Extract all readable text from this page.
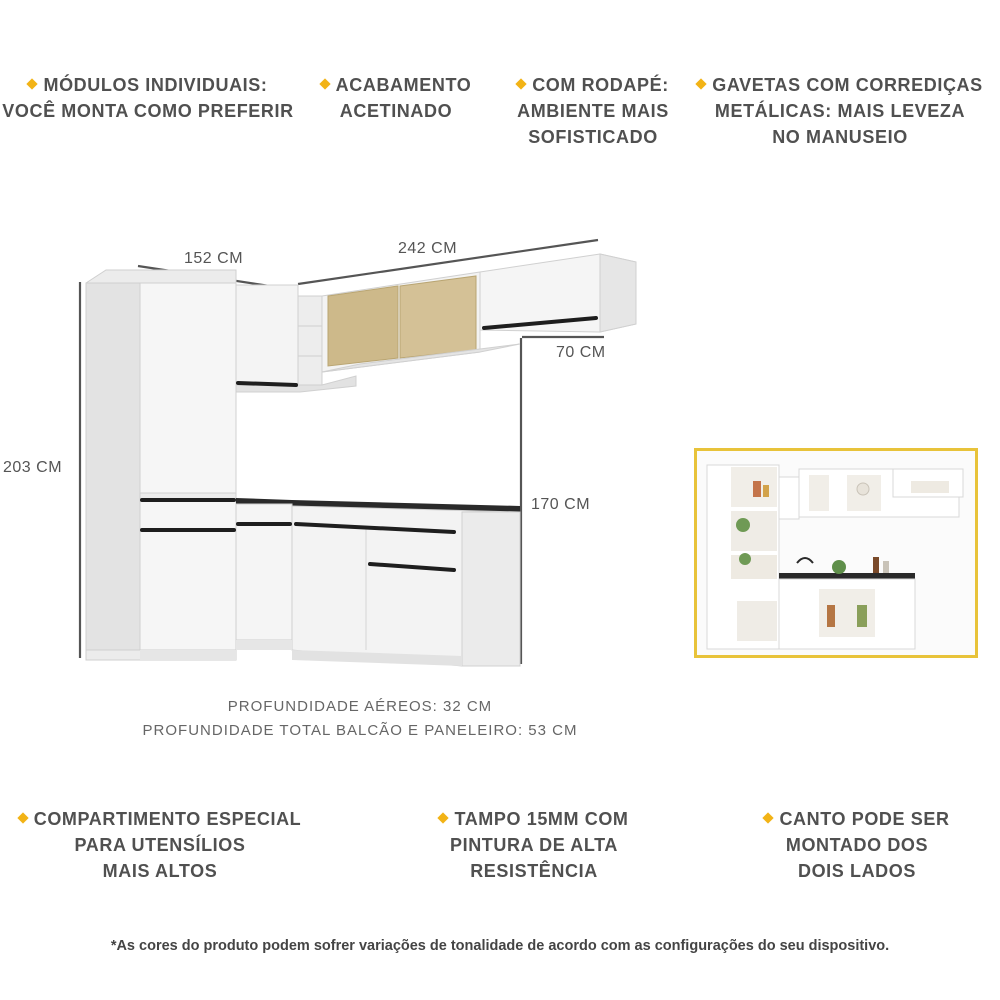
MÓDULOS INDIVIDUAIS:
VOCÊ MONTA COMO PREFERIR
ACABAMENTO
ACETINADO
COM RODAPÉ:
AMBIENTE MAIS
SOFISTICADO
GAVETAS COM CORREDIÇAS
METÁLICAS: MAIS LEVEZA
NO MANUSEIO
152 CM
242 CM
70 CM
203 CM
170 CM
PROFUNDIDADE AÉREOS: 32 CM
PROFUNDIDADE TOTAL BALCÃO E PANELEIRO: 53 CM
COMPARTIMENTO ESPECIAL
PARA UTENSÍLIOS
MAIS ALTOS
TAMPO 15MM COM
PINTURA DE ALTA
RESISTÊNCIA
CANTO PODE SER
MONTADO DOS
DOIS LADOS
*As cores do produto podem sofrer variações de tonalidade de acordo com as configurações do seu dispositivo.
